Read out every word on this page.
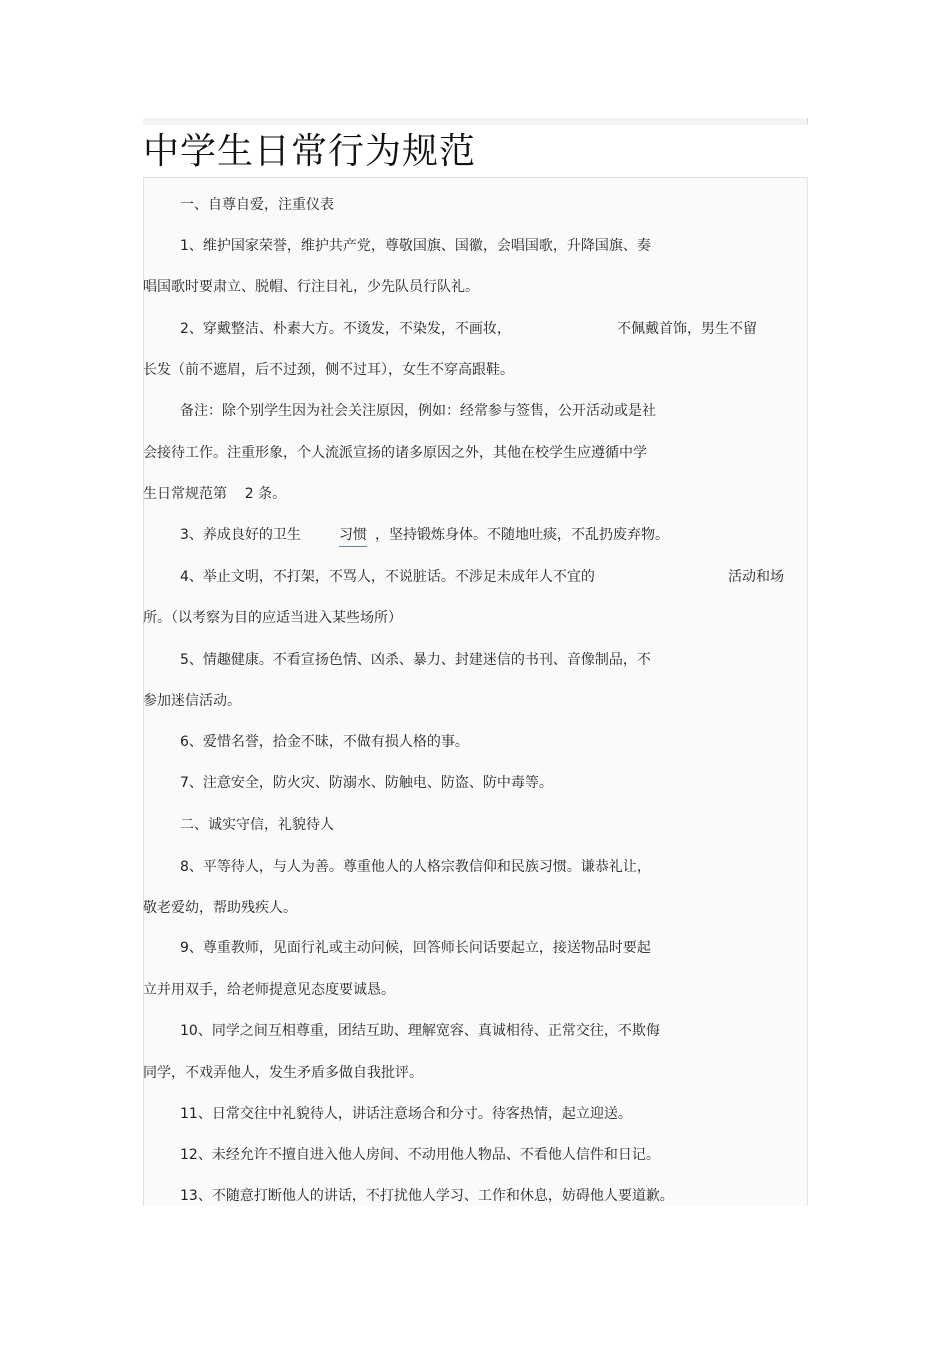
中学生日常行为规范
一、自尊自爱，注重仪表
1、维护国家荣誉，维护共产党，尊敬国旗、国徽，会唱国歌，升降国旗、奏
唱国歌时要肃立、脱帽、行注目礼，少先队员行队礼。
2、穿戴整洁、朴素大方。不烫发，不染发，不画妆，	不佩戴首饰，男生不留
长发（前不遮眉，后不过颈，侧不过耳），女生不穿高跟鞋。
备注：除个别学生因为社会关注原因，例如：经常参与签售，公开活动或是社
会接待工作。注重形象，个人流派宣扬的诸多原因之外，其他在校学生应遵循中学
生日常规范第    2 条。
3、养成良好的卫生	习惯 ，坚持锻炼身体。不随地吐痰，不乱扔废弃物。
4、举止文明，不打架，不骂人，不说脏话。不涉足未成年人不宜的	活动和场
所。（以考察为目的应适当进入某些场所）
5、情趣健康。不看宣扬色情、凶杀、暴力、封建迷信的书刊、音像制品，不
参加迷信活动。
6、爱惜名誉，拾金不昧，不做有损人格的事。
7、注意安全，防火灾、防溺水、防触电、防盗、防中毒等。
二、诚实守信，礼貌待人
8、平等待人，与人为善。尊重他人的人格宗教信仰和民族习惯。谦恭礼让，
敬老爱幼，帮助残疾人。
9、尊重教师，见面行礼或主动问候，回答师长问话要起立，接送物品时要起
立并用双手，给老师提意见态度要诚恳。
10、同学之间互相尊重，团结互助、理解宽容、真诚相待、正常交往，不欺侮
同学，不戏弄他人，发生矛盾多做自我批评。
11、日常交往中礼貌待人，讲话注意场合和分寸。待客热情，起立迎送。
12、未经允许不擅自进入他人房间、不动用他人物品、不看他人信件和日记。
13、不随意打断他人的讲话，不打扰他人学习、工作和休息，妨碍他人要道歉。
